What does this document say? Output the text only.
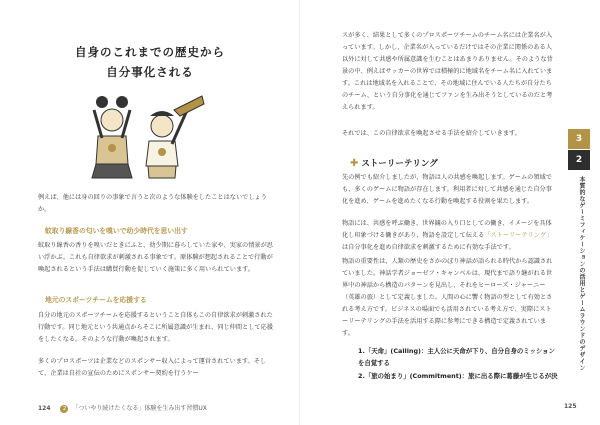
自身のこれまでの歴史から
自分事化される

例えば、他には身の回りの事象で言うと次のような体験をしたことはないでしょうか。

蚊取り線香の匂いを嗅いで幼少時代を思い出す

蚊取り線香の香りを嗅いだときにふと、幼少期に暮らしていた家や、実家の情景が思い浮かぶ。これも自律欲求が刺激される事象です。原体験が想起されることで行動が喚起されるという手法は購買行動を促していく施策に多く用いられています。

地元のスポーツチームを応援する

自分の地元のスポーツチームを応援するということ自体もこの自律欲求が刺激された行動です。同じ地元という共通点からそこに所属意識が生まれ、同じ仲間として応援をしたくなる。そのような行動が喚起されます。

多くのプロスポーツは企業などのスポンサー収入によって運営されています。そして、企業は自社の宣伝のためにスポンサー契約を行うケー

124 2 「ついやり続けたくなる」体験を生み出す習慣UX

スが多く、結果として多くのプロスポーツチームのチーム名には企業名が入っています。しかし、企業名が入っているだけではその企業に関係のある人以外に対して共感や所属意識を生むことはあまりありません。そのような背景の中、例えばサッカーの世界では積極的に地域名をチーム名に入れています。これは地域名を入れることで、その地域に住んでいる人たちが自分たちのチーム、という自分事化を通じてファンを生み出そうとしているのだと考えられます。

それでは、この自律欲求を喚起させる手法を紹介していきます。

✚ ストーリーテリング

先の例でも紹介しましたが、物語は人の共感を喚起します。ゲームの領域でも、多くのゲームに物語が存在します。利用者に対して共感を通じた自分事化を進め、ゲームを進めたくなる行動を喚起する役割を果たします。

物語には、共感を呼ぶ働き、世界観の入り口としての働き、イメージを具体化し印象づける働きがあり、物語を設定して伝える「ストーリーテリング」は自分事化を進め自律欲求を刺激するために有効な手法です。

物語の重要性は、人類の歴史をさかのぼり神話が語られる時代から認識されていました。神話学者ジョーゼフ・キャンベルは、現代まで語り継がれる世界中の神話から構造のパターンを見出し、それをヒーローズ・ジャーニー（英雄の旅）として定義しました。人間の心に響く物語の型として有効とされる考え方です。ビジネスの場面でも活用されている考え方で、実際にストーリーテリングの手法を活用する際に参考にできる構造で定義されています。

1.「天命」(Calling)：主人公に天命が下り、自分自身のミッションを自覚する

2.「旅の始まり」(Commitment)：旅に出る際に葛藤が生じるが決

125
3
2
本質的なゲーミフィケーションの活用とゲームラウンドのデザイン
